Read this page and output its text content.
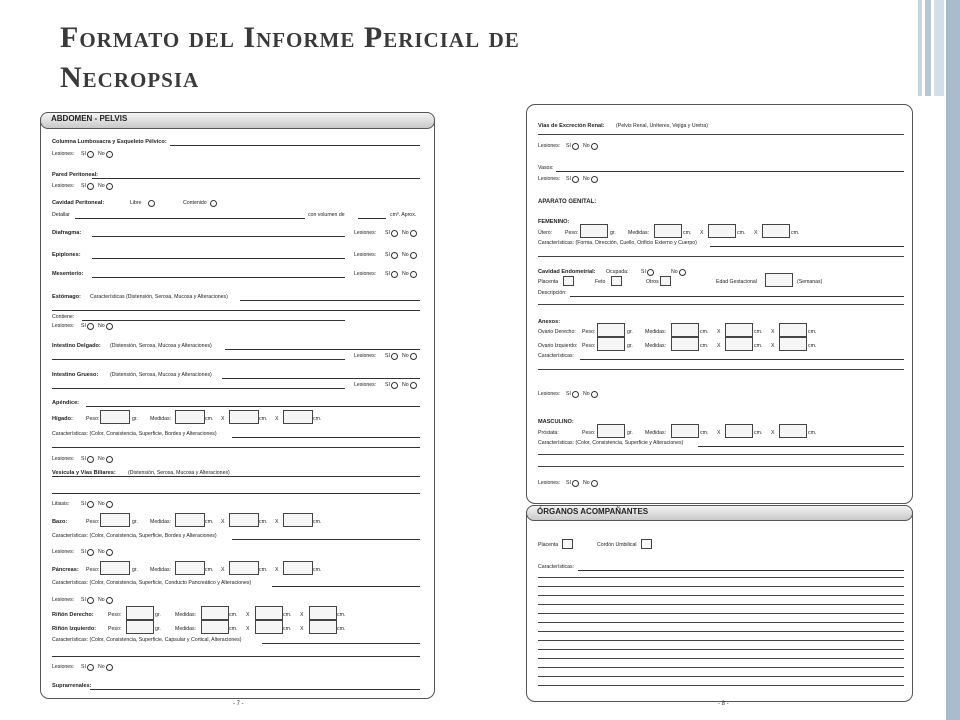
Formato del Informe Pericial de
Necropsia
ABDOMEN - PELVIS
Columna Lumbosacra y Esqueleto Pélvico:
Lesiones: SI No
Pared Peritoneal:
Lesiones: SI No
Cavidad Peritoneal:	Libre	Contenido
Detallar	con volumen de	cm³. Aprox.
Diafragma:	Lesiones: SI No
Epiplones:	Lesiones: SI No
Mesenterio:	Lesiones: SI No
Estómago: Características (Distensión, Serosa, Mucosa y Alteraciones)
Contiene:
Lesiones: SI No
Intestino Delgado: (Distensión, Serosa, Mucosa y Alteraciones)
Lesiones: SI No
Intestino Grueso: (Distensión, Serosa, Mucosa y Alteraciones)
Lesiones: SI No
Apéndice:
Hígado:	Peso:	gr. Medidas:	cm. X	cm. X	cm.
Características: (Color, Consistencia, Superficie, Bordes y Alteraciones)
Lesiones: SI No
Vesícula y Vías Biliares: (Distensión, Serosa, Mucosa y Alteraciones)
Litiasis: SI No
Bazo:	Peso:	gr. Medidas:	cm. X	cm. X	cm.
Características: (Color, Consistencia, Superficie, Bordes y Alteraciones)
Lesiones: SI No
Páncreas: Peso:	gr. Medidas:	cm. X	cm. X	cm.
Características: (Color, Consistencia, Superficie, Conducto Pancreático y Alteraciones)
Lesiones: SI No
Riñón Derecho:	Peso:	gr.	Medidas:	cm. X	cm. X	cm.
Riñón Izquierdo: Peso:	gr.	Medidas:	cm. X	cm. X	cm.
Características: (Color, Consistencia, Superficie, Capsular y Cortical, Alteraciones)
Lesiones: SI No
Suprarrenales:
- 7 -
ÓRGANOS ACOMPAÑANTES
Vías de Excreción Renal: (Pelvis Renal, Uréteres, Vejiga y Uretra)
Lesiones: SI No
Vasos:
Lesiones: SI No
APARATO GENITAL:
FEMENINO:
Útero: Peso:	gr. Medidas:	cm. X	cm. X	cm.
Características: (Forma, Dirección, Cuello, Orificio Externo y Cuerpo)
Cavidad Endometrial: Ocupada: SI	No
Placenta	Feto	Otros	Edad Gestacional	(Semanas)
Descripción:
Anexos:
Ovario Derecho: Peso:	gr. Medidas:	cm. X	cm. X	cm.
Ovario Izquierdo: Peso:	gr. Medidas:	cm. X	cm. X	cm.
Características:
Lesiones: SI No
MASCULINO:
Próstata:	Peso:	gr. Medidas:	cm. X	cm. X	cm.
Características: (Color, Consistencia, Superficie y Alteraciones)
Lesiones: SI No
Placenta	Cordón Umbilical
Características:
- 8 -
